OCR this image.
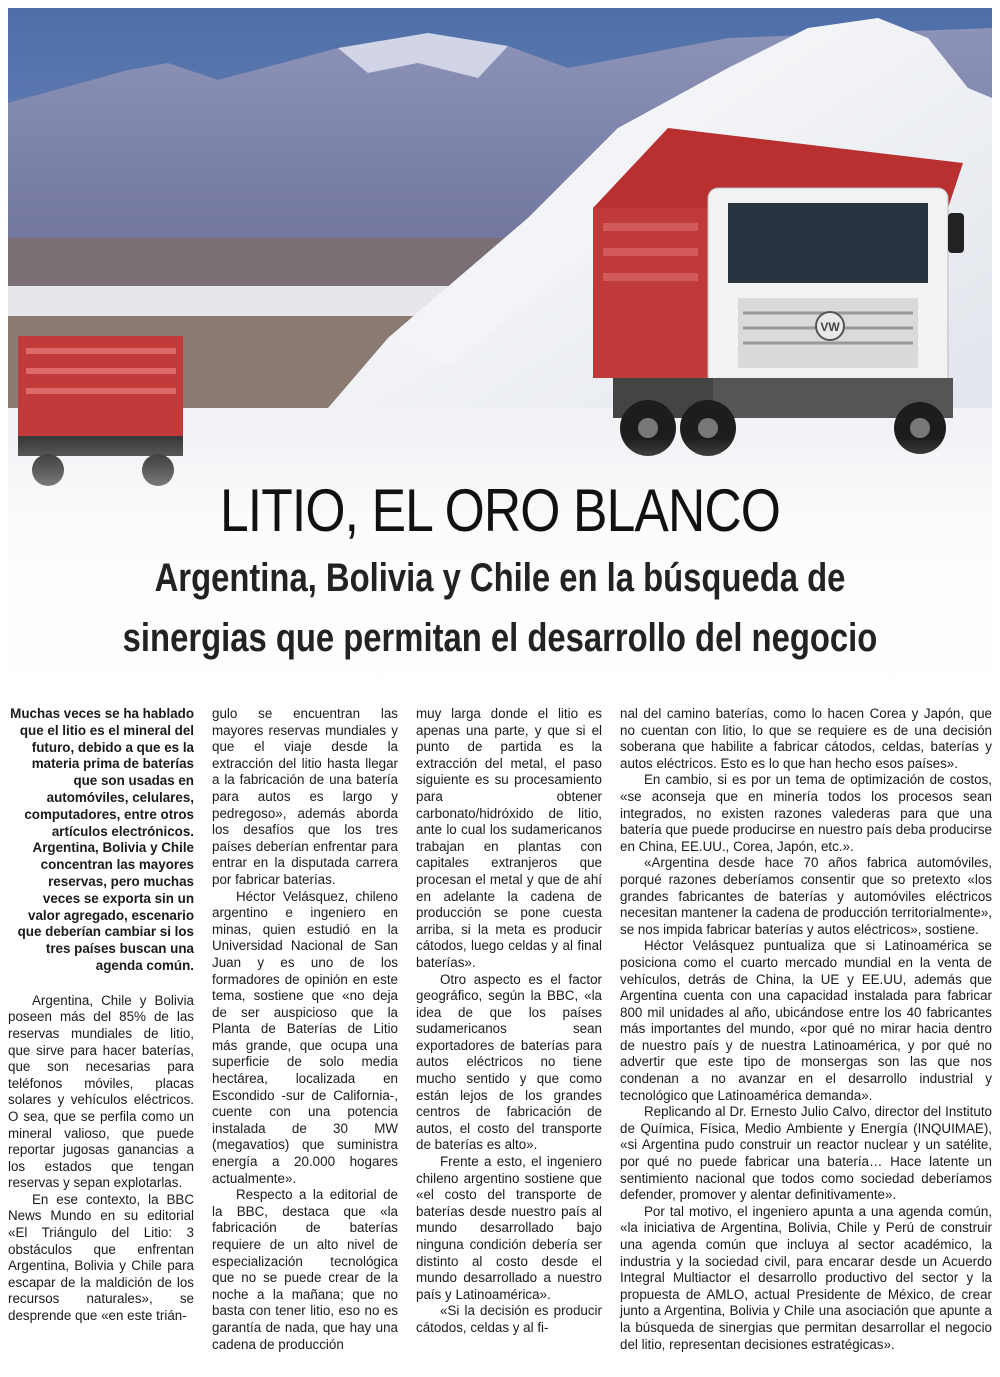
VW
LITIO, EL ORO BLANCO
Argentina, Bolivia y Chile en la búsqueda de
sinergias que permitan el desarrollo del negocio

Muchas veces se ha hablado que el litio es el mineral del futuro, debido a que es la materia prima de baterías que son usadas en automóviles, celulares, computadores, entre otros artículos electrónicos. Argentina, Bolivia y Chile concentran las mayores reservas, pero muchas veces se exporta sin un valor agregado, escenario que deberían cambiar si los tres países buscan una agenda común.

Argentina, Chile y Bolivia poseen más del 85% de las reservas mundiales de litio, que sirve para hacer baterías, que son necesarias para teléfonos móviles, placas solares y vehículos eléctricos. O sea, que se perfila como un mineral valioso, que puede reportar jugosas ganancias a los estados que tengan reservas y sepan explotarlas.

En ese contexto, la BBC News Mundo en su editorial «El Triángulo del Litio: 3 obstáculos que enfrentan Argentina, Bolivia y Chile para escapar de la maldición de los recursos naturales», se desprende que «en este trián-

gulo se encuentran las mayores reservas mundiales y que el viaje desde la extracción del litio hasta llegar a la fabricación de una batería para autos es largo y pedregoso», además aborda los desafíos que los tres países deberían enfrentar para entrar en la disputada carrera por fabricar baterías.

Héctor Velásquez, chileno argentino e ingeniero en minas, quien estudió en la Universidad Nacional de San Juan y es uno de los formadores de opinión en este tema, sostiene que «no deja de ser auspicioso que la Planta de Baterías de Litio más grande, que ocupa una superficie de solo media hectárea, localizada en Escondido -sur de California-, cuente con una potencia instalada de 30 MW (megavatios) que suministra energía a 20.000 hogares actualmente».

Respecto a la editorial de la BBC, destaca que «la fabricación de baterías requiere de un alto nivel de especialización tecnológica que no se puede crear de la noche a la mañana; que no basta con tener litio, eso no es garantía de nada, que hay una cadena de producción

muy larga donde el litio es apenas una parte, y que si el punto de partida es la extracción del metal, el paso siguiente es su procesamiento para obtener carbonato/hidróxido de litio, ante lo cual los sudamericanos trabajan en plantas con capitales extranjeros que procesan el metal y que de ahí en adelante la cadena de producción se pone cuesta arriba, si la meta es producir cátodos, luego celdas y al final baterías».

Otro aspecto es el factor geográfico, según la BBC, «la idea de que los países sudamericanos sean exportadores de baterías para autos eléctricos no tiene mucho sentido y que como están lejos de los grandes centros de fabricación de autos, el costo del transporte de baterías es alto».

Frente a esto, el ingeniero chileno argentino sostiene que «el costo del transporte de baterías desde nuestro país al mundo desarrollado bajo ninguna condición debería ser distinto al costo desde el mundo desarrollado a nuestro país y Latinoamérica».

«Si la decisión es producir cátodos, celdas y al fi-

nal del camino baterías, como lo hacen Corea y Japón, que no cuentan con litio, lo que se requiere es de una decisión soberana que habilite a fabricar cátodos, celdas, baterías y autos eléctricos. Esto es lo que han hecho esos países».

En cambio, si es por un tema de optimización de costos, «se aconseja que en minería todos los procesos sean integrados, no existen razones valederas para que una batería que puede producirse en nuestro país deba producirse en China, EE.UU., Corea, Japón, etc.».

«Argentina desde hace 70 años fabrica automóviles, porqué razones deberíamos consentir que so pretexto «los grandes fabricantes de baterías y automóviles eléctricos necesitan mantener la cadena de producción territorialmente», se nos impida fabricar baterías y autos eléctricos», sostiene.

Héctor Velásquez puntualiza que si Latinoamérica se posiciona como el cuarto mercado mundial en la venta de vehículos, detrás de China, la UE y EE.UU, además que Argentina cuenta con una capacidad instalada para fabricar 800 mil unidades al año, ubicándose entre los 40 fabricantes más importantes del mundo, «por qué no mirar hacia dentro de nuestro país y de nuestra Latinoamérica, y por qué no advertir que este tipo de monsergas son las que nos condenan a no avanzar en el desarrollo industrial y tecnológico que Latinoamérica demanda».

Replicando al Dr. Ernesto Julio Calvo, director del Instituto de Química, Física, Medio Ambiente y Energía (INQUIMAE), «si Argentina pudo construir un reactor nuclear y un satélite, por qué no puede fabricar una batería… Hace latente un sentimiento nacional que todos como sociedad deberíamos defender, promover y alentar definitivamente».

Por tal motivo, el ingeniero apunta a una agenda común, «la iniciativa de Argentina, Bolivia, Chile y Perú de construir una agenda común que incluya al sector académico, la industria y la sociedad civil, para encarar desde un Acuerdo Integral Multiactor el desarrollo productivo del sector y la propuesta de AMLO, actual Presidente de México, de crear junto a Argentina, Bolivia y Chile una asociación que apunte a la búsqueda de sinergias que permitan desarrollar el negocio del litio, representan decisiones estratégicas».
